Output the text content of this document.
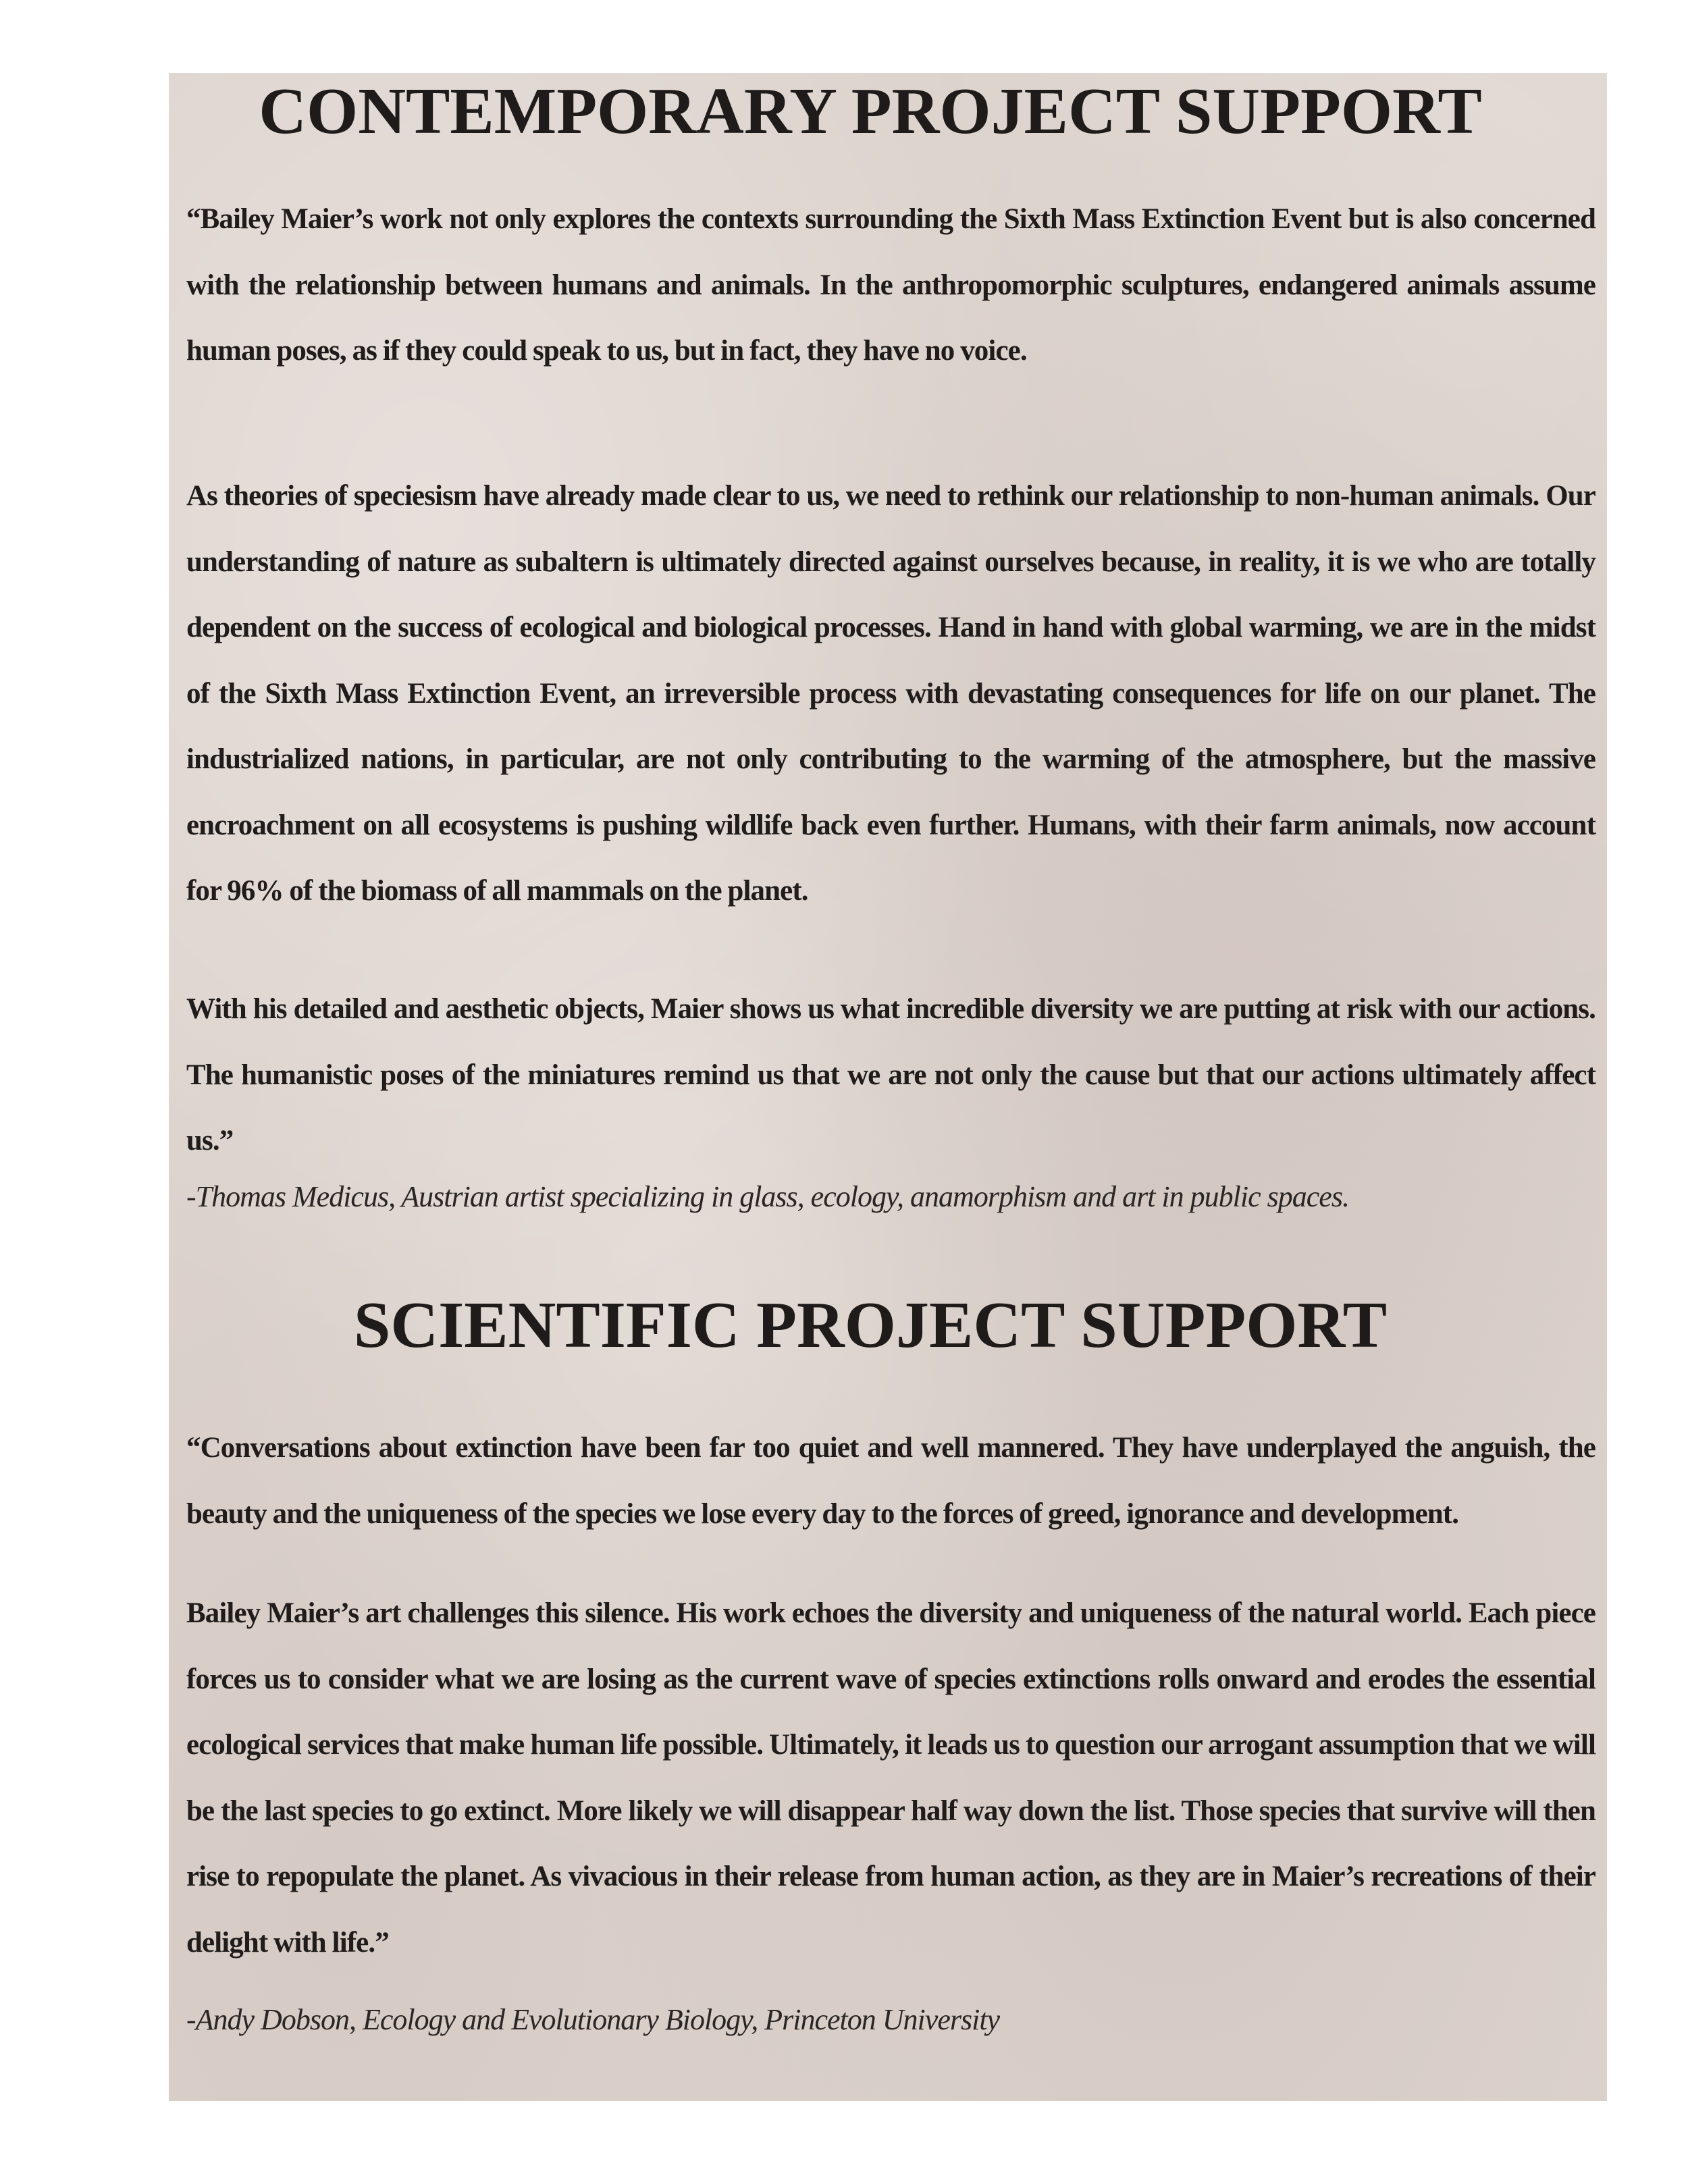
CONTEMPORARY PROJECT SUPPORT

“Bailey Maier’s work not only explores the contexts surrounding the Sixth Mass Extinction Event but is also concerned with the relationship between humans and animals. In the anthropomorphic sculptures, endangered animals assume human poses, as if they could speak to us, but in fact, they have no voice.

As theories of speciesism have already made clear to us, we need to rethink our relationship to non-human animals. Our understanding of nature as subaltern is ultimately directed against ourselves because, in reality, it is we who are totally dependent on the success of ecological and biological processes. Hand in hand with global warming, we are in the midst of the Sixth Mass Extinction Event, an irreversible process with devastating consequences for life on our planet. The industrialized nations, in particular, are not only contributing to the warming of the atmosphere, but the massive encroachment on all ecosystems is pushing wildlife back even further. Humans, with their farm animals, now account for 96% of the biomass of all mammals on the planet.

With his detailed and aesthetic objects, Maier shows us what incredible diversity we are putting at risk with our actions. The humanistic poses of the miniatures remind us that we are not only the cause but that our actions ultimately affect us.”

-Thomas Medicus, Austrian artist specializing in glass, ecology, anamorphism and art in public spaces.

SCIENTIFIC PROJECT SUPPORT

“Conversations about extinction have been far too quiet and well mannered. They have underplayed the anguish, the beauty and the uniqueness of the species we lose every day to the forces of greed, ignorance and development.

Bailey Maier’s art challenges this silence. His work echoes the diversity and uniqueness of the natural world. Each piece forces us to consider what we are losing as the current wave of species extinctions rolls onward and erodes the essential ecological services that make human life possible. Ultimately, it leads us to question our arrogant assumption that we will be the last species to go extinct. More likely we will disappear half way down the list. Those species that survive will then rise to repopulate the planet. As vivacious in their release from human action, as they are in Maier’s recreations of their delight with life.”

-Andy Dobson, Ecology and Evolutionary Biology, Princeton University
